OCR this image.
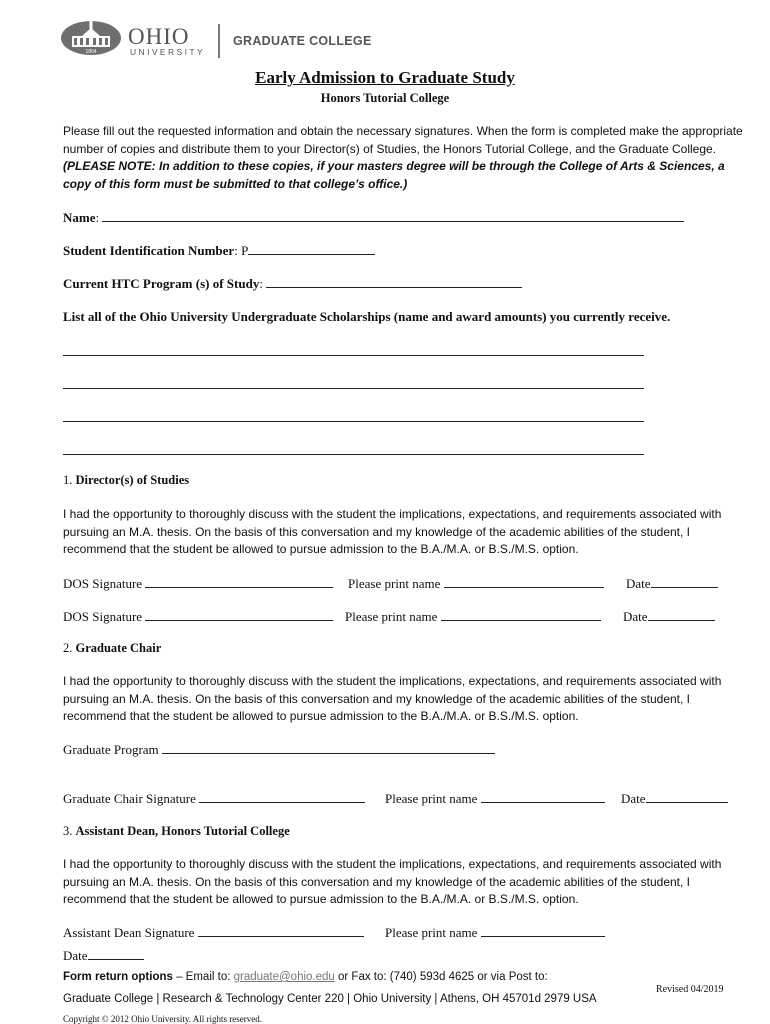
1804
OHIO
UNIVERSITY
GRADUATE COLLEGE
Early Admission to Graduate Study
Honors Tutorial College
Please fill out the requested information and obtain the necessary signatures. When the form is completed make the appropriate number of copies and distribute them to your Director(s) of Studies, the Honors Tutorial College, and the Graduate College. (PLEASE NOTE: In addition to these copies, if your masters degree will be through the College of Arts & Sciences, a copy of this form must be submitted to that college’s office.)
Name:
Student Identification Number: P
Current HTC Program (s) of Study:
List all of the Ohio University Undergraduate Scholarships (name and award amounts) you currently receive.
1. Director(s) of Studies
I had the opportunity to thoroughly discuss with the student the implications, expectations, and requirements associated with pursuing an M.A. thesis. On the basis of this conversation and my knowledge of the academic abilities of the student, I recommend that the student be allowed to pursue admission to the B.A./M.A. or B.S./M.S. option.
DOS Signature	Please print name	Date
DOS Signature	Please print name	Date
2. Graduate Chair
I had the opportunity to thoroughly discuss with the student the implications, expectations, and requirements associated with pursuing an M.A. thesis. On the basis of this conversation and my knowledge of the academic abilities of the student, I recommend that the student be allowed to pursue admission to the B.A./M.A. or B.S./M.S. option.
Graduate Program
Graduate Chair Signature	Please print name	Date
3. Assistant Dean, Honors Tutorial College
I had the opportunity to thoroughly discuss with the student the implications, expectations, and requirements associated with pursuing an M.A. thesis. On the basis of this conversation and my knowledge of the academic abilities of the student, I recommend that the student be allowed to pursue admission to the B.A./M.A. or B.S./M.S. option.
Assistant Dean Signature	Please print name
Date
Form return options – Email to: graduate@ohio.edu or Fax to: (740) 593d 4625 or via Post to:
Revised 04/2019
Graduate College | Research & Technology Center 220 | Ohio University | Athens, OH 45701d 2979 USA
Copyright © 2012 Ohio University. All rights reserved.
